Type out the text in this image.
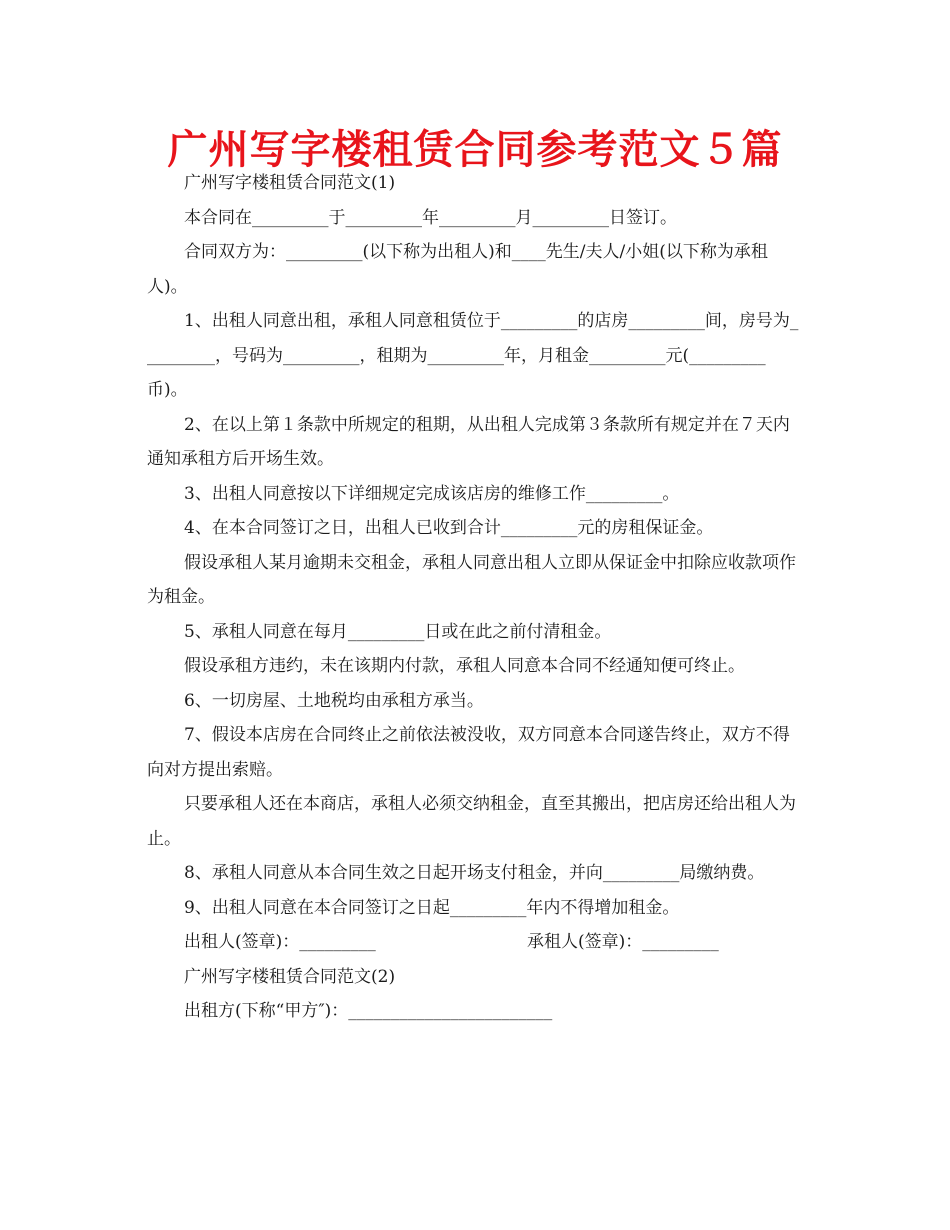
广州写字楼租赁合同参考范文５篇

广州写字楼租赁合同范文(1)

本合同在_________于_________年_________月_________日签订。

合同双方为：_________(以下称为出租人)和____先生/夫人/小姐(以下称为承租人)。

1、出租人同意出租，承租人同意租赁位于_________的店房_________间，房号为_________，号码为_________，租期为_________年，月租金_________元(_________币)。

2、在以上第１条款中所规定的租期，从出租人完成第３条款所有规定并在７天内通知承租方后开场生效。

3、出租人同意按以下详细规定完成该店房的维修工作_________。

4、在本合同签订之日，出租人已收到合计_________元的房租保证金。

假设承租人某月逾期未交租金，承租人同意出租人立即从保证金中扣除应收款项作为租金。

5、承租人同意在每月_________日或在此之前付清租金。

假设承租方违约，未在该期内付款，承租人同意本合同不经通知便可终止。

6、一切房屋、土地税均由承租方承当。

7、假设本店房在合同终止之前依法被没收，双方同意本合同遂告终止，双方不得向对方提出索赔。

只要承租人还在本商店，承租人必须交纳租金，直至其搬出，把店房还给出租人为止。

8、承租人同意从本合同生效之日起开场支付租金，并向_________局缴纳费。

9、出租人同意在本合同签订之日起_________年内不得增加租金。

出租人(签章)：_________	承租人(签章)：_________

广州写字楼租赁合同范文(2)

出租方(下称“甲方″)：________________________
